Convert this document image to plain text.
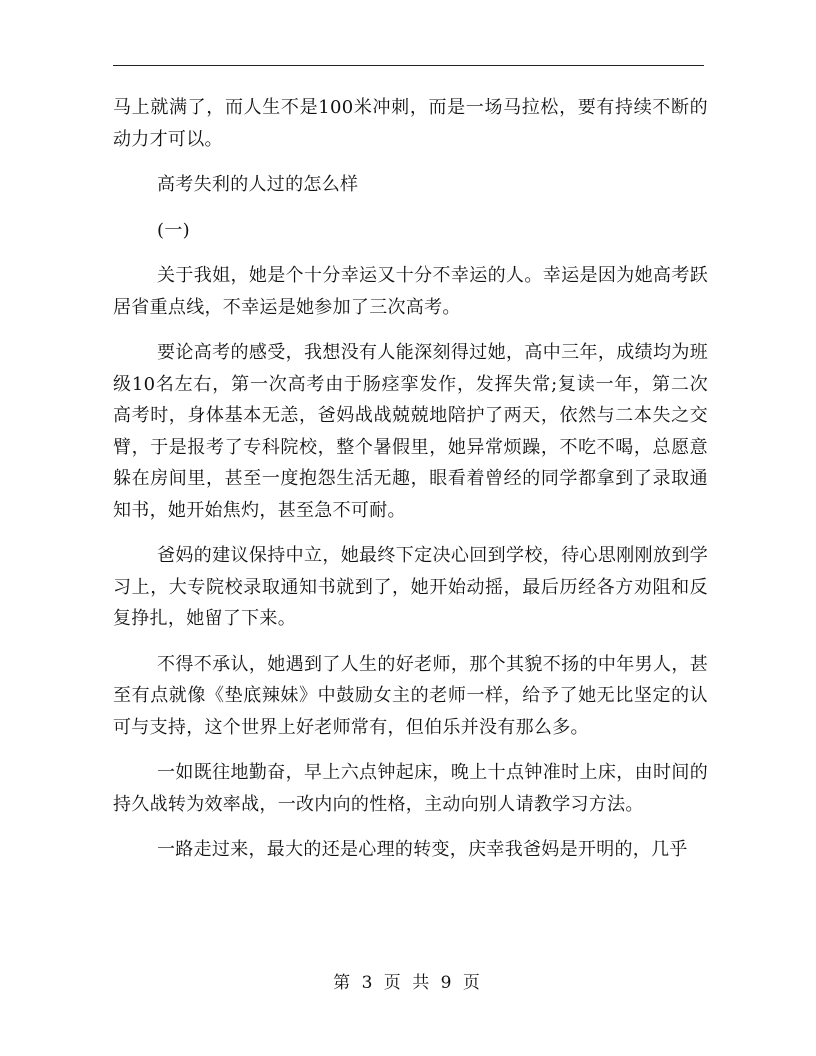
马上就满了，而人生不是100米冲刺，而是一场马拉松，要有持续不断的动力才可以。

高考失利的人过的怎么样

(一)

关于我姐，她是个十分幸运又十分不幸运的人。幸运是因为她高考跃居省重点线，不幸运是她参加了三次高考。

要论高考的感受，我想没有人能深刻得过她，高中三年，成绩均为班级10名左右，第一次高考由于肠痉挛发作，发挥失常;复读一年，第二次高考时，身体基本无恙，爸妈战战兢兢地陪护了两天，依然与二本失之交臂，于是报考了专科院校，整个暑假里，她异常烦躁，不吃不喝，总愿意躲在房间里，甚至一度抱怨生活无趣，眼看着曾经的同学都拿到了录取通知书，她开始焦灼，甚至急不可耐。

爸妈的建议保持中立，她最终下定决心回到学校，待心思刚刚放到学习上，大专院校录取通知书就到了，她开始动摇，最后历经各方劝阻和反复挣扎，她留了下来。

不得不承认，她遇到了人生的好老师，那个其貌不扬的中年男人，甚至有点就像《垫底辣妹》中鼓励女主的老师一样，给予了她无比坚定的认可与支持，这个世界上好老师常有，但伯乐并没有那么多。

一如既往地勤奋，早上六点钟起床，晚上十点钟准时上床，由时间的持久战转为效率战，一改内向的性格，主动向别人请教学习方法。

一路走过来，最大的还是心理的转变，庆幸我爸妈是开明的，几乎

第 3 页 共 9 页
